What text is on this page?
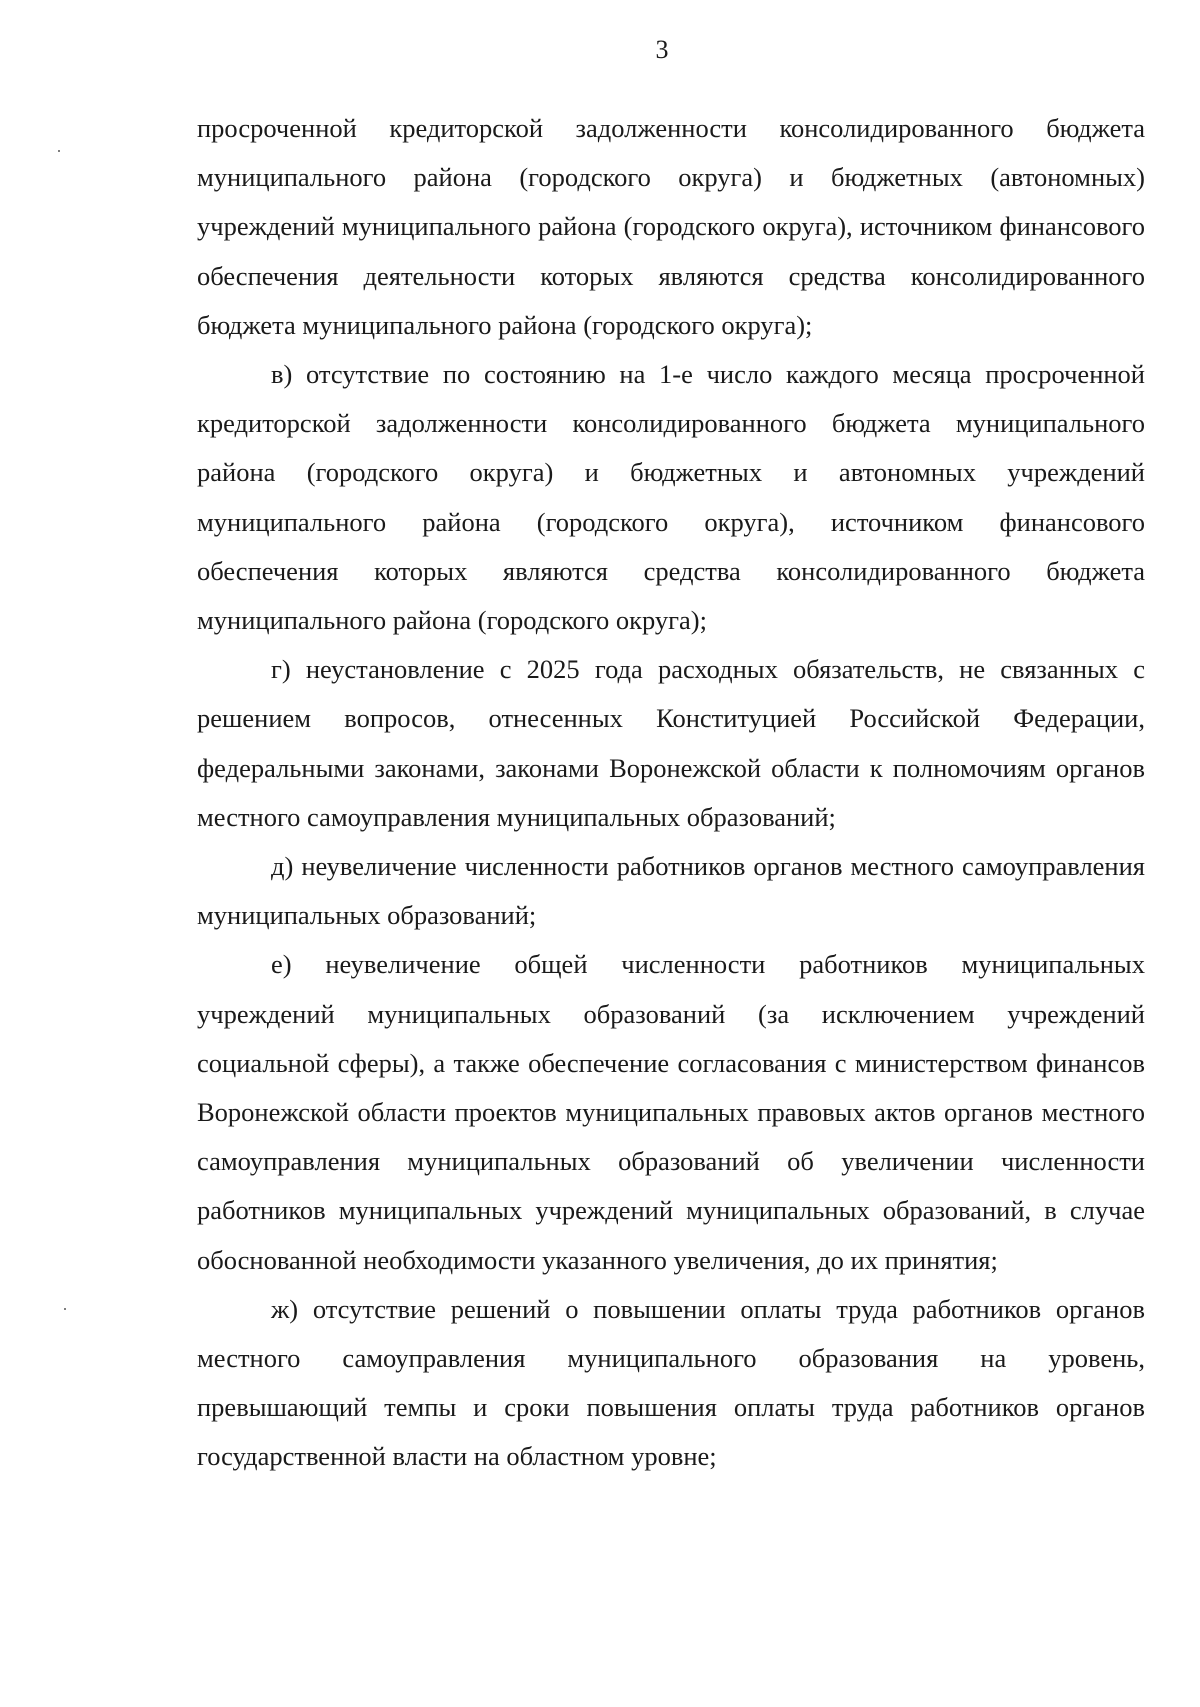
3

просроченной кредиторской задолженности консолидированного бюджета муниципального района (городского округа) и бюджетных (автономных) учреждений муниципального района (городского округа), источником финансового обеспечения деятельности которых являются средства консолидированного бюджета муниципального района (городского округа);

в) отсутствие по состоянию на 1-е число каждого месяца просроченной кредиторской задолженности консолидированного бюджета муниципального района (городского округа) и бюджетных и автономных учреждений муниципального района (городского округа), источником финансового обеспечения которых являются средства консолидированного бюджета муниципального района (городского округа);

г) неустановление с 2025 года расходных обязательств, не связанных с решением вопросов, отнесенных Конституцией Российской Федерации, федеральными законами, законами Воронежской области к полномочиям органов местного самоуправления муниципальных образований;

д) неувеличение численности работников органов местного самоуправления муниципальных образований;

е) неувеличение общей численности работников муниципальных учреждений муниципальных образований (за исключением учреждений социальной сферы), а также обеспечение согласования с министерством финансов Воронежской области проектов муниципальных правовых актов органов местного самоуправления муниципальных образований об увеличении численности работников муниципальных учреждений муниципальных образований, в случае обоснованной необходимости указанного увеличения, до их принятия;

ж) отсутствие решений о повышении оплаты труда работников органов местного самоуправления муниципального образования на уровень, превышающий темпы и сроки повышения оплаты труда работников органов государственной власти на областном уровне;
